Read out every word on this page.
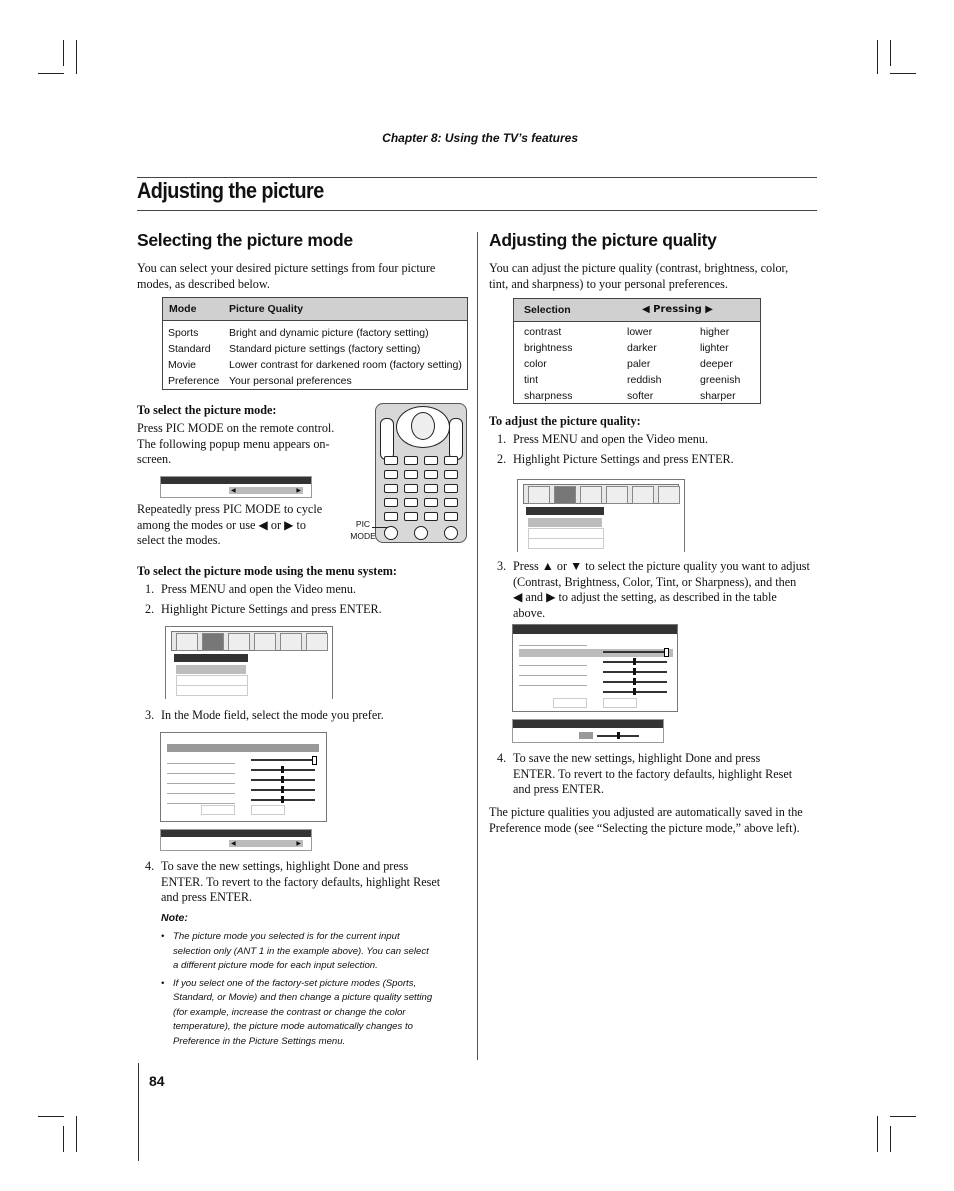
Chapter 8: Using the TV’s features
Adjusting the picture
Selecting the picture mode
You can select your desired picture settings from four picture
modes, as described below.
Mode	Picture Quality
Sports	Bright and dynamic picture (factory setting)
Standard Standard picture settings (factory setting)
Movie	Lower contrast for darkened room (factory setting)
Preference Your personal preferences
To select the picture mode:
Press PIC MODE on the remote control.
The following popup menu appears on-
screen.
◀	▶
Repeatedly press PIC MODE to cycle
among the modes or use ◀ or ▶ to
select the modes.
PIC
MODE
To select the picture mode using the menu system:
1. Press MENU and open the Video menu.
2. Highlight Picture Settings and press ENTER.
3. In the Mode field, select the mode you prefer.
◀	▶
4. To save the new settings, highlight Done and press
ENTER. To revert to the factory defaults, highlight Reset
and press ENTER.
Note:
• The picture mode you selected is for the current input
selection only (ANT 1 in the example above). You can select
a different picture mode for each input selection.
• If you select one of the factory-set picture modes (Sports,
Standard, or Movie) and then change a picture quality setting
(for example, increase the contrast or change the color
temperature), the picture mode automatically changes to
Preference in the Picture Settings menu.
Adjusting the picture quality
You can adjust the picture quality (contrast, brightness, color,
tint, and sharpness) to your personal preferences.
Selection	◀ Pressing ▶
contrast	lower	higher
brightness	darker	lighter
color	paler	deeper
tint	reddish	greenish
sharpness	softer	sharper
To adjust the picture quality:
1. Press MENU and open the Video menu.
2. Highlight Picture Settings and press ENTER.
3. Press ▲ or ▼ to select the picture quality you want to adjust
(Contrast, Brightness, Color, Tint, or Sharpness), and then
◀ and ▶ to adjust the setting, as described in the table
above.
4. To save the new settings, highlight Done and press
ENTER. To revert to the factory defaults, highlight Reset
and press ENTER.
The picture qualities you adjusted are automatically saved in the
Preference mode (see “Selecting the picture mode,” above left).
84
